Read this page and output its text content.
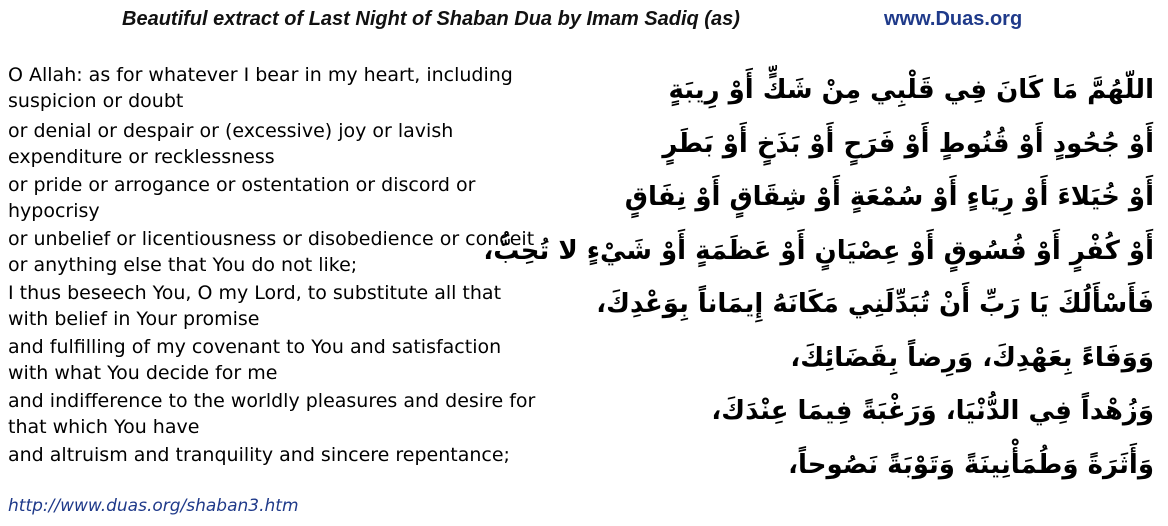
Beautiful extract of Last Night of Shaban Dua by Imam Sadiq (as)	www.Duas.org
O Allah: as for whatever I bear in my heart, including suspicion or doubt
or denial or despair or (excessive) joy or lavish expenditure or recklessness
or pride or arrogance or ostentation or discord or hypocrisy
or unbelief or licentiousness or disobedience or conceit or anything else that You do not like;
I thus beseech You, O my Lord, to substitute all that with belief in Your promise
and fulfilling of my covenant to You and satisfaction with what You decide for me
and indifference to the worldly pleasures and desire for that which You have
and altruism and tranquility and sincere repentance;
http://www.duas.org/shaban3.htm
اللّهُمَّ مَا كَانَ فِي قَلْبِي مِنْ شَكٍّ أَوْ رِيبَةٍ
أَوْ جُحُودٍ أَوْ قُنُوطٍ أَوْ فَرَحٍ أَوْ بَذَخٍ أَوْ بَطَرٍ
أَوْ خُيَلاءَ أَوْ رِيَاءٍ أَوْ سُمْعَةٍ أَوْ شِقَاقٍ أَوْ نِفَاقٍ
أَوْ كُفْرٍ أَوْ فُسُوقٍ أَوْ عِصْيَانٍ أَوْ عَظَمَةٍ أَوْ شَيْءٍ لا تُحِبُّ،
فَأَسْأَلُكَ يَا رَبِّ أَنْ تُبَدِّلَنِي مَكَانَهُ إِيمَاناً بِوَعْدِكَ،
وَوَفَاءً بِعَهْدِكَ، وَرِضاً بِقَضَائِكَ،
وَزُهْداً فِي الدُّنْيَا، وَرَغْبَةً فِيمَا عِنْدَكَ،
وَأَثَرَةً وَطُمَأْنِينَةً وَتَوْبَةً نَصُوحاً،
